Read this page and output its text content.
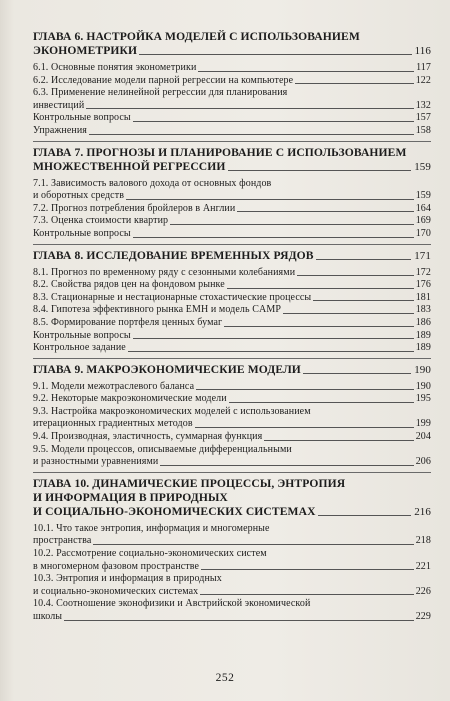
ГЛАВА 6. НАСТРОЙКА МОДЕЛЕЙ С ИСПОЛЬЗОВАНИЕМ
ЭКОНОМЕТРИКИ	116
6.1. Основные понятия эконометрики	117
6.2. Исследование модели парной регрессии на компьютере	122
6.3. Применение нелинейной регрессии для планирования
инвестиций	132
Контрольные вопросы	157
Упражнения	158
ГЛАВА 7. ПРОГНОЗЫ И ПЛАНИРОВАНИЕ С ИСПОЛЬЗОВАНИЕМ
МНОЖЕСТВЕННОЙ РЕГРЕССИИ	159
7.1. Зависимость валового дохода от основных фондов
и оборотных средств	159
7.2. Прогноз потребления бройлеров в Англии	164
7.3. Оценка стоимости квартир	169
Контрольные вопросы	170
ГЛАВА 8. ИССЛЕДОВАНИЕ ВРЕМЕННЫХ РЯДОВ	171
8.1. Прогноз по временному ряду с сезонными колебаниями	172
8.2. Свойства рядов цен на фондовом рынке	176
8.3. Стационарные и нестационарные стохастические процессы	181
8.4. Гипотеза эффективного рынка EMH и модель CAMP	183
8.5. Формирование портфеля ценных бумаг	186
Контрольные вопросы	189
Контрольное задание	189
ГЛАВА 9. МАКРОЭКОНОМИЧЕСКИЕ МОДЕЛИ	190
9.1. Модели межотраслевого баланса	190
9.2. Некоторые макроэкономические модели	195
9.3. Настройка макроэкономических моделей с использованием
итерационных градиентных методов	199
9.4. Производная, эластичность, суммарная функция	204
9.5. Модели процессов, описываемые дифференциальными
и разностными уравнениями	206
ГЛАВА 10. ДИНАМИЧЕСКИЕ ПРОЦЕССЫ, ЭНТРОПИЯ
И ИНФОРМАЦИЯ В ПРИРОДНЫХ
И СОЦИАЛЬНО-ЭКОНОМИЧЕСКИХ СИСТЕМАХ	216
10.1. Что такое энтропия, информация и многомерные
пространства	218
10.2. Рассмотрение социально-экономических систем
в многомерном фазовом пространстве	221
10.3. Энтропия и информация в природных
и социально-экономических системах	226
10.4. Соотношение эконофизики и Австрийской экономической
школы	229
252
